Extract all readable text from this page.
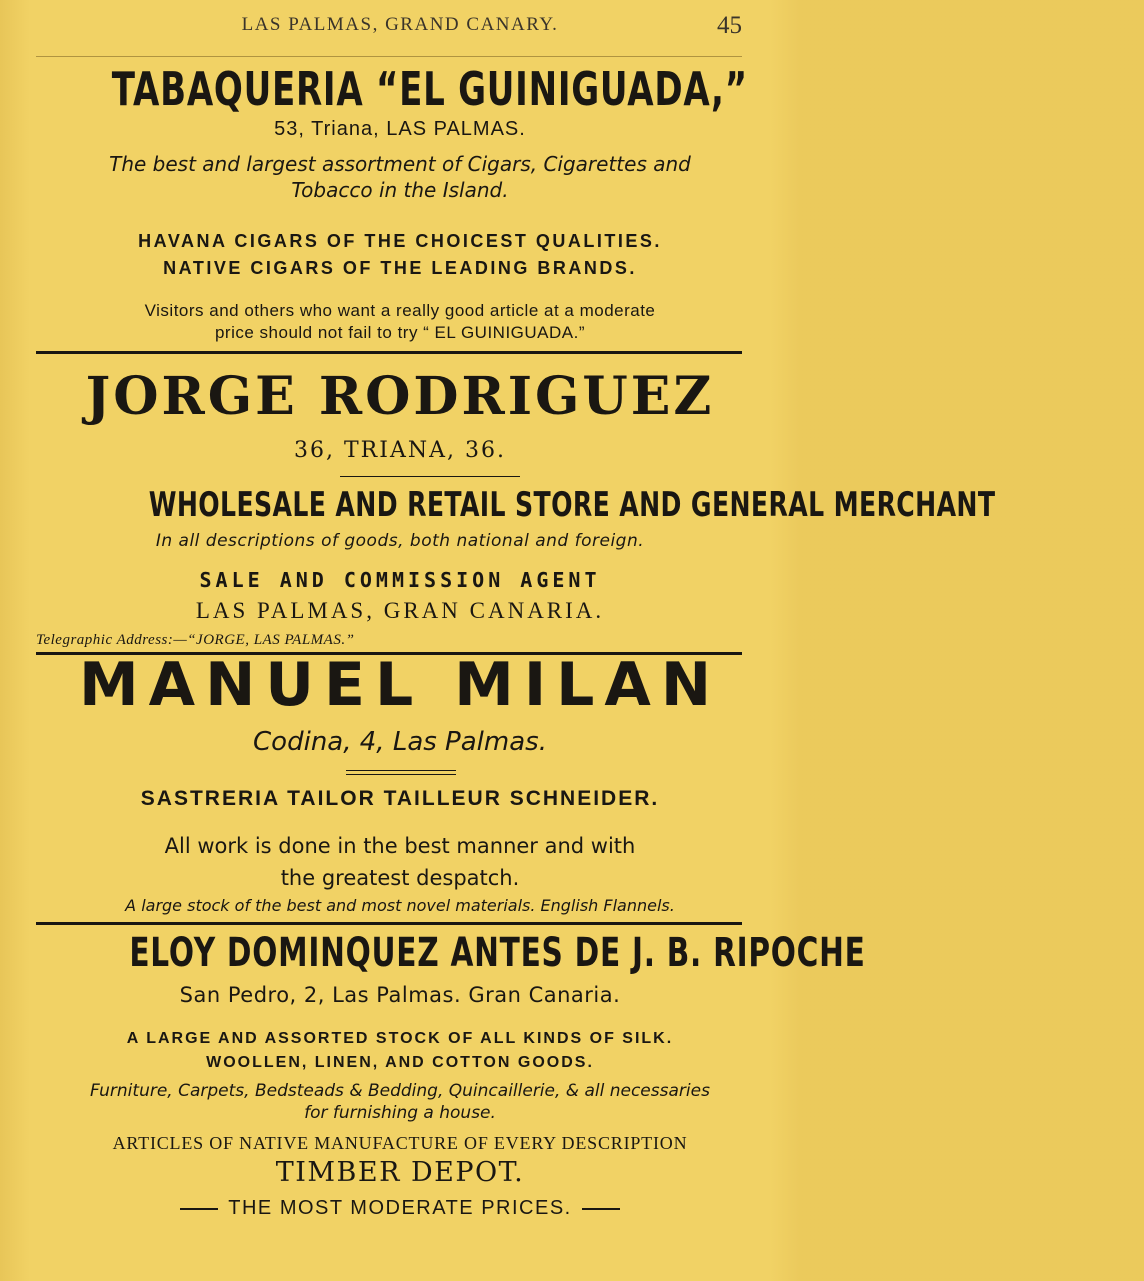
LAS PALMAS, GRAND CANARY.	45
TABAQUERIA “EL GUINIGUADA,”
53, Triana, LAS PALMAS.
The best and largest assortment of Cigars, Cigarettes and
Tobacco in the Island.
HAVANA CIGARS OF THE CHOICEST QUALITIES.
NATIVE CIGARS OF THE LEADING BRANDS.
Visitors and others who want a really good article at a moderate
price should not fail to try “ EL GUINIGUADA.”
JORGE RODRIGUEZ
36, TRIANA, 36.
WHOLESALE AND RETAIL STORE AND GENERAL MERCHANT
In all descriptions of goods, both national and foreign.
SALE AND COMMISSION AGENT
LAS PALMAS, GRAN CANARIA.
Telegraphic Address:—“JORGE, LAS PALMAS.”
MANUEL MILAN
Codina, 4, Las Palmas.
SASTRERIA TAILOR TAILLEUR SCHNEIDER.
All work is done in the best manner and with
the greatest despatch.
A large stock of the best and most novel materials. English Flannels.
ELOY DOMINQUEZ ANTES DE J. B. RIPOCHE
San Pedro, 2, Las Palmas. Gran Canaria.
A LARGE AND ASSORTED STOCK OF ALL KINDS OF SILK.
WOOLLEN, LINEN, AND COTTON GOODS.
Furniture, Carpets, Bedsteads & Bedding, Quincaillerie, & all necessaries
for furnishing a house.
ARTICLES OF NATIVE MANUFACTURE OF EVERY DESCRIPTION
TIMBER DEPOT.
THE MOST MODERATE PRICES.
